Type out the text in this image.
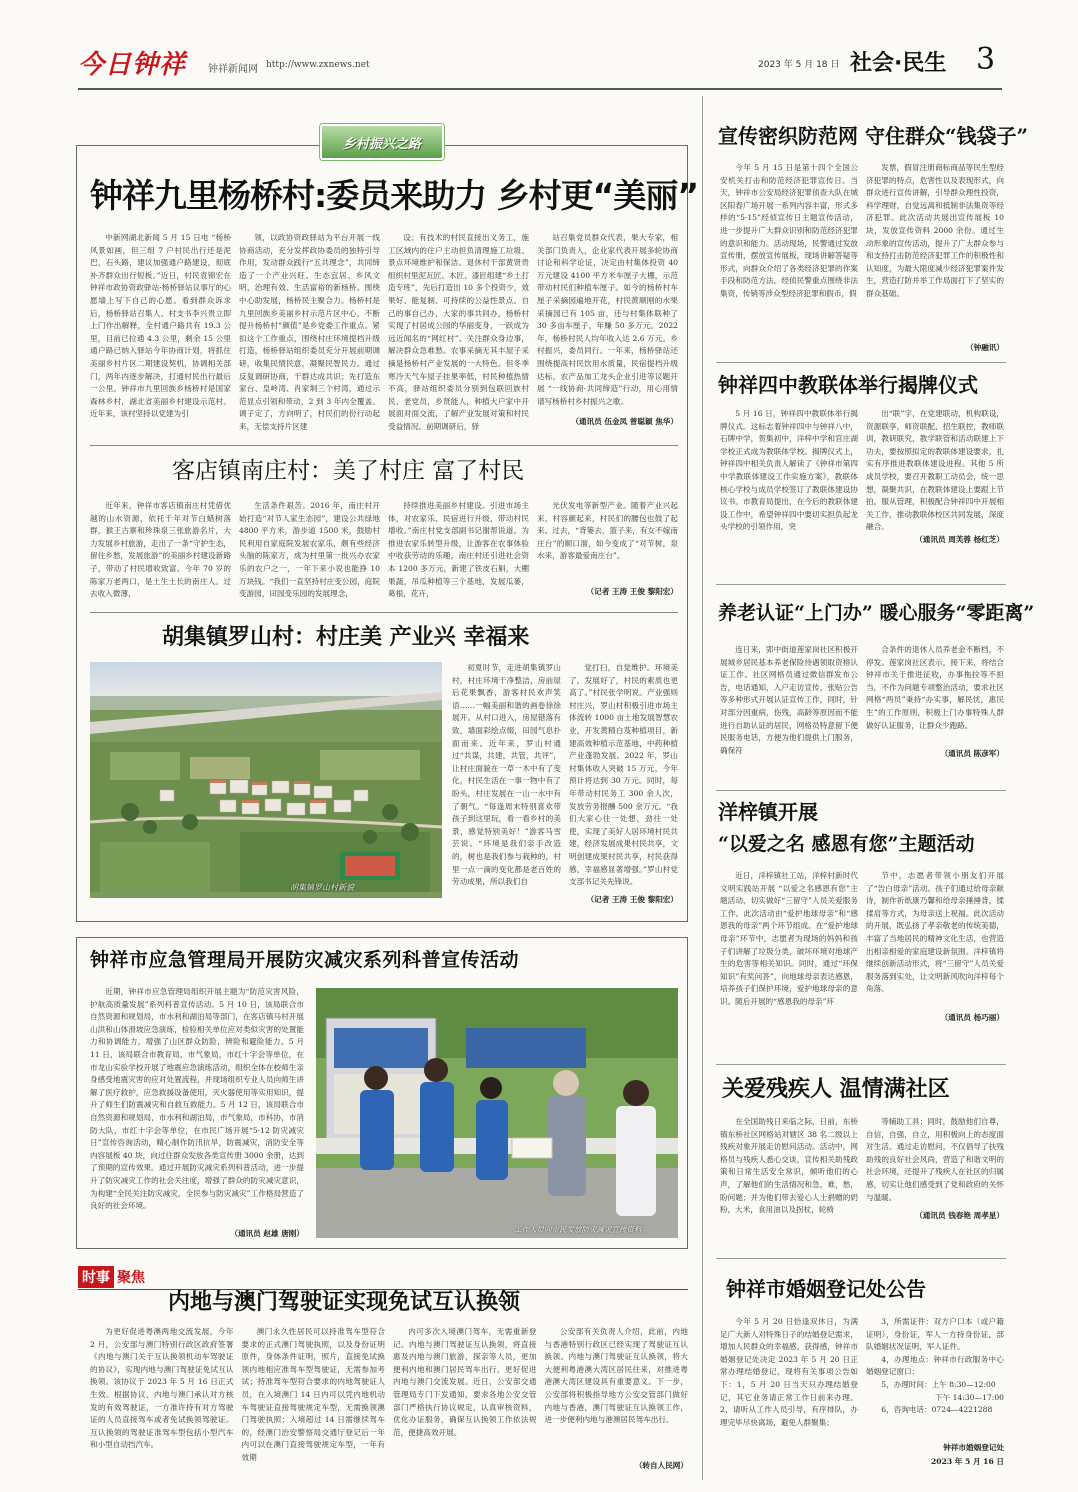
今日钟祥 钟祥新闻网 http://www.zxnews.net	2023 年 5 月 18 日 社会·民生 3
乡村振兴之路
钟祥九里杨桥村:委员来助力 乡村更“美丽”
中新网湖北新闻 5 月 15 日电 “杨桥风景如画，但三组 7 户村民出行还是泥巴，石头路，建议加强通户路建设，彻底补齐群众出行短板。”近日，村民袁锦宏在钟祥市政协资政驿站·杨桥驿站议事厅的心愿墙上写下自己的心愿。看到群众诉求后，杨桥驿站召集人、村支书李兴贵立即上门作出解释，全村通户路共有 19.3 公里，目前已拉通 4.3 公里，剩余 15 公里通户路已纳入驿站今年协商计划，将抓住美丽乡村片区二期建设契机，协调相关部门，两年内逐步解决，打通村民出行最后一公里。钟祥市九里回族乡杨桥村是国家森林乡村，湖北省美丽乡村建设示范村。近年来，该村坚持以党建为引
领，以政协资政驿站为平台开展一线协商活动，充分发挥政协委员的独特引导作用，发动群众践行“五共理念”，共同缔造了一个产业兴旺、生态宜居、乡风文明、治理有效、生活富裕的新杨桥。围绕中心助发展，杨桥民主聚合力。杨桥村是九里回族乡美丽乡村示范片区中心，不断提升杨桥村“颜值”是乡党委工作重点。紧扣这个工作重点，围绕村庄环境提档升级打造，杨桥驿站组织委员充分开展前期调研，收集民情民意，凝聚民智民力。通过反复调研协商，干群达成共识；先打造东家台、皇岭湾、肖家垌三个村湾，通过示范显点引领和带动，2 到 3 年内全覆盖。调子定了，方向明了，村民们的份行动起来，无偿支持片区建
设；有技术的村民直接出义务工，施工区域内的住户主动担负清理施工垃圾、景点环境维护和保洁。退休村干部黄贤贵组织村里泥瓦匠、木匠、漆匠组建“乡土打造专班”，先后打造出 10 多个投资少，效果好、能复制、可持续的公益性景点。自己的事自己办，大家的事共同办，杨桥村实现了村居成公园的华丽变身，一跃成为远近闻名的“网红村”。关注群众身边事，解决群众急难愁。农事采摘无其丰屋子采摘是杨桥村产业发展的一大特色。但冬季寒冷天气车屋子挂果率低，村民种植热情不高，驿站组织委员分别到包联回族村民，老党员，乡贤能人，种植大户家中开展面对面交流，了解产业发展对策和村民受益情况。前期调研后，驿
站召集党员群众代表，果大专家，相关部门负责人，企业家代表开展多轮协商讨论和科学论证，决定由村集体投资 40 万元建设 4100 平方米车厘子大棚，示范带动村民们种植车厘子。如今的杨桥村车厘子采摘园遍地开花，村民黄顺刚的水果采摘园已有 105 亩，还与村集体联种了 30 多亩车厘子，年赚 50 多万元。2022 年，杨桥村民人均年收入达 2.6 万元。乡村振兴，委员同行。一年来，杨桥驿站还围绕提高村民饮用水质量，民宿提档升级达标，农产品加工龙头企业引进等议题开展 “一线协商·共同缔造”行动，用心用情谱写杨桥村乡村振兴之歌。
（通讯员 伍金凤 曾聪颖 焦华）
客店镇南庄村：美了村庄 富了村民
近年来，钟祥市客店镇南庄村凭借优越的山水资源，依托千年对节白蜡树落群，猴王古寨和珍珠泉三张旅游名片，大力发展乡村旅游，走出了一条“守护生态，留住乡愁，发展旅游”的美丽乡村建设新路子，带动了村民增收致富。今年 70 岁的陈家万老两口，是土生土长的南庄人。过去收入微薄，
生活条件艰苦。2016 年，南庄村开始打造“对节人家生态园”，建设公共绿地 4800 平方米，游步道 1500 米，鼓励村民利用自家庭院发展农家乐，颇有些经济头脑的陈家万，成为村里第一批兴办农家乐的农户之一，一年下来小说也能挣 10 万块钱。“我们一直坚持村庄变公园，庭院变游园，田园变乐园的发展理念，
持续推进美丽乡村建设。引进市场主体，对农家乐、民宿进行升级，带动村民增收。”南庄村党支部副书记谢帮说道。为推进农家乐转型升级，让游客在农事体验中收获劳动的乐趣，南庄村还引进社会资本 1200 多万元，新建了铁皮石斛，大棚果蔬，吊瓜种植等三个基地，发展瓜蒌，葛根，花卉，
光伏发电等新型产业。随着产业兴起来，村容颜起来，村民们的腰包也鼓了起来。过去，“背篓去，篮子来，有女不嫁南庄台”的顺口溜，如今变成了“对节树，泉水来，游客最爱南庄台”。
（记者 王涛 王俊 黎阳宏）
胡集镇罗山村：村庄美 产业兴 幸福来
胡集镇罗山村新貌
初夏时节，走进胡集镇罗山村，村庄环境干净整洁，房前屋后花果飘香，游客村民欢声笑语……一幅美丽和谐的画卷徐徐展开。从村口进入，房屋错落有致，墙面彩绘点缀，田园气息扑面而来。近年来，罗山村通过“共谋，共建，共管，共评”，让村庄面貌在一草一木中有了变化，村民生活在一事一物中有了盼头，村庄发展在一山一水中有了朝气。“每逢周末特别喜欢带孩子到这里玩，看一看乡村的美景，感觉特别美好！”游客马雪芸说。“环境是我们亲手改造的，树也是我们参与栽种的，村里一点一滴的变化都是老百姓的劳动成果，所以我们自
觉打扫，自觉维护。环境美了，发展好了，村民的素质也更高了。”村民张学明说。产业强则村庄兴，罗山村积极引进市场主体流转 1000 亩土地发展智慧农业，开发黄精白芨种植项目，新建高效种植示范基地，中药种植产业蓬勃发展。2022 年，罗山村集体收入突破 15 万元，今年预计将达到 30 万元。同时，每年带动村民务工 300 余人次，发放劳务报酬 500 余万元。“我们大家心往一处想，劲往一处使，实现了美好人居环境村民共建，经济发展成果村民共享，文明创建成果村民共享，村民获得感，幸福感显著增强。”罗山村党支部书记关先锋说。
（记者 王涛 王俊 黎阳宏）
钟祥市应急管理局开展防灾减灾系列科普宣传活动
近期，钟祥市应急管理局组织开展主题为“防范灾害风险，护航高质量发展”系列科普宣传活动。5 月 10 日，该局联合市自然资源和规划局，市水利和湖泊局等部门，在客店镇马村开展山洪和山体滑坡应急演练，检验相关单位应对类似灾害的处置能力和协调能力，增强了山区群众防险，辨险和避险能力。5 月 11 日，该局联合市教育局，市气象局，市红十字会等单位，在市龙山实验学校开展了地震应急演练活动，组织全体在校师生亲身感受地震灾害的应对处置流程，并现场组织专业人员向师生讲解了医疗救护，应急救援设备使用，灭火器使用等实用知识，提升了师生们防震减灾和自救互救能力。5 月 12 日，该局联合市自然资源和规划局，市水利和湖泊局，市气象局，市科协，市消防大队，市红十字会等单位，在市民广场开展“5·12 防灾减灾日”宣传咨询活动，精心制作防汛抗旱，防震减灾，消防安全等内容展板 40 块，向过往群众发放各类宣传册 3000 余册，达到了预期的宣传效果。通过开展防灾减灾系列科普活动，进一步提升了防灾减灾工作的社会关注度，增强了群众的防灾减灾意识，为构建“全民关注防灾减灾，全民参与防灾减灾”工作格局营造了良好的社会环境。
（通讯员 赵雄 唐刚）	工作人员向市民发放防灾减灾宣传资料
时事 聚焦
内地与澳门驾驶证实现免试互认换领
为更好促进粤澳两地交流发展，今年 2 月，公安部与澳门特别行政区政府签署《内地与澳门关于互认换领机动车驾驶证的协议》，实现内地与澳门驾驶证免试互认换领。该协议于 2023 年 5 月 16 日正式生效。根据协议，内地与澳门承认对方核发的有效驾驶证，一方准许持有对方驾驶证的人员直接驾车或者免试换领驾驶证。互认换领的驾驶证准驾车型包括小型汽车和小型自动挡汽车。
澳门永久性居民可以持准驾车型符合要求的正式澳门驾驶执照，以及身份证明原件，身体条件证明，照片，直接免试换领内地相应准驾车型驾驶证，无需参加考试；持准驾车型符合要求的内地驾驶证人员，在入境澳门 14 日内可以凭内地机动车驾驶证直接驾驶规定车型，无需换领澳门驾驶执照；入境超过 14 日需继续驾车的，经澳门治安警察局交通厅登记后一年内可以在澳门直接驾驶规定车型，一年有效期
内可多次入境澳门驾车，无需重新登记。内地与澳门驾驶证互认换领，将直接惠及内地与澳门旅游，探亲等人员，更加便利内地和澳门居民驾车出行，更好促进内地与澳门交流发展。近日，公安部交通管理局专门下发通知，要求各地公安交管部门严格执行协议规定，认真审核资料，优化办证服务，确保互认换领工作依法规范，便捷高效开展。
公安部有关负责人介绍，此前，内地与香港特别行政区已经实现了驾驶证互认换领。内地与澳门驾驶证互认换领，将大大便利粤港澳大湾区居民往来，对推进粤港澳大湾区建设具有重要意义。下一步，公安部将积极指导地方公安交管部门做好内地与香港，澳门驾驶证互认换领工作，进一步便利内地与港澳居民驾车出行。
（转自人民网）
宣传密织防范网 守住群众“钱袋子”
今年 5 月 15 日是第十四个全国公安机关打击和防范经济犯罪宣传日。当天，钟祥市公安局经济犯罪侦查大队在城区阳春广场开展一系列内容丰富，形式多样的“5·15”经侦宣传日主题宣传活动，进一步提升广大群众识别和防范经济犯罪的意识和能力。活动现场，民警通过发放宣传册，摆放宣传展板，现场讲解答疑等形式，向群众介绍了各类经济犯罪的作案手段和防范方法。经侦民警重点围绕非法集资，传销等涉众型经济犯罪和假币，假
发票，假冒注册商标商品等民生型经济犯罪的特点，危害性以及表现形式，向群众进行宣传讲解，引导群众理性投资，科学理财，自觉远离和抵制非法集资等经济犯罪。此次活动共展出宣传展板 10 块，发放宣传资料 2000 余份。通过生动形象的宣传活动，提升了广大群众参与和支持打击防范经济犯罪工作的积极性和认知度，为最大限度减少经济犯罪案件发生，营造打防并举工作局面打下了坚实的群众基础。
（钟融讯）
钟祥四中教联体举行揭牌仪式
5 月 16 日，钟祥四中教联体举行揭牌仪式。这标志着钟祥四中与钟祥八中，石牌中学，贺集初中，洋梓中学和官庄湖学校正式成为教联体学校。揭牌仪式上，钟祥四中相关负责人解读了《钟祥市第四中学教联体建设工作实施方案》，教联体核心学校与成员学校签订了教联体建设协议书。市教育局提出，在今后的教联体建设工作中，希望钟祥四中要切实担负起龙头学校的引领作用，突
出“联”字，在党建联动，机构联设，资源联享，师资联配，招生联控，教师联训，教研联究，教学联管和活动联建上下功夫，要按照拟定的教联体建设要求，扎实有序推进教联体建设进程。其他 5 所成员学校，要召开教职工动员会，统一思想，凝聚共识，在教联体建设上要跟上节拍，服从管理，积极配合钟祥四中开展相关工作，推动教联体校区共同发展，深度融合。
（通讯员 周芙蓉 杨红芝）
养老认证“上门办” 暖心服务“零距离”
连日来，郢中街道莲家岗社区积极开展城乡居民基本养老保险待遇领取资格认证工作。社区网格员通过微信群发布公告，电话通知，入户走访宣传，张贴公告等多种形式开展认证宣传工作，同时，针对部分因重病，伤残，高龄等原因而不能进行自助认证的居民，网格员特意留下便民服务电话，方便为他们提供上门服务，确保符
合条件的退休人员养老金不断档，不停发。莲家岗社区表示，接下来，将结合钟祥市关于推进征收，办事拖拉等不担当，不作为问题专项整治活动，要求社区网格“两员”秉持“办实事，解民忧，惠民生”的工作原则，积极上门办事特殊人群做好认证服务，让群众少跑路。
（通讯员 陈彦军）
洋梓镇开展
“以爱之名 感恩有您”主题活动
近日，洋梓镇社工站，洋梓村新时代文明实践站开展 “以爱之名感恩有您”主题活动，切实做好“三留守”人员关爱服务工作。此次活动由“爱护地球母亲”和“感恩我的母亲”两个环节组成。在“爱护地球母亲”环节中，志愿者为现场的妈妈和孩子们讲解了垃圾分类，破坏环境对地球产生的危害等相关知识。同时，通过“环保知识”有奖问答”，向地球母亲表达感恩，培养孩子们保护环境，爱护地球母亲的意识。随后开展的“感恩我的母亲”环
节中，志愿者带领小朋友们开展了“告白母亲”活动。孩子们通过给母亲献诗，制作祈纸康乃馨和给母亲捶捶背，揉揉肩等方式，为母亲送上祝福。此次活动的开展，既弘扬了孝亲敬老的传统美德，丰富了当地居民的精神文化生活，也营造出相亲相爱的家庭建设新氛围。洋梓镇将继续创新活动形式，将“三留守”人员关爱服务落到实处，让文明新风吹向洋梓每个角落。
（通讯员 杨巧丽）
关爱残疾人 温情满社区
在全国助残日来临之际，日前，东桥镇东桥社区网格站对辖区 38 名二级以上残疾对象开展走访慰问活动。活动中，网格员与残疾人悉心交谈，宣传相关助残政策和日常生活安全常识，倾听他们的心声，了解他们的生活情况和急，难，愁，盼问题；并为他们带去爱心人士捐赠的奶粉，大米，食用油以及拐杖，轮椅
等辅助工具；同时，鼓励他们自尊，自信，自强，自立，用积极向上的态度面对生活。通过走访慰问，不仅倡导了扶残助残的良好社会风尚，营造了和谐文明的社会环境，还提升了残疾人在社区的归属感，切实让他们感受到了党和政府的关怀与温暖。
（通讯员 钱春艳 周孝星）
钟祥市婚姻登记处公告
今年 5 月 20 日恰逢双休日，为满足广大新人对特殊日子的结婚登记需求，增加人民群众的幸福感，获得感，钟祥市婚姻登记处决定 2023 年 5 月 20 日正常办理结婚登记，现将有关事项公告如下：1，5 月 20 日当天只办理结婚登记，其它业务请正常工作日前来办理。2，请听从工作人员引导，有序排队，办理完毕尽快离场，避免人群聚集；
3，所需证件：双方户口本（或户籍证明），身份证，军人一方持身份证，部队婚姻状况证明，军人证件。
4，办理地点：钟祥市行政服务中心婚姻登记窗口；
5，办理时间：上午 8:30—12:00
下午 14:30—17:00
6，咨询电话：0724—4221288
钟祥市婚姻登记处
2023 年 5 月 16 日
